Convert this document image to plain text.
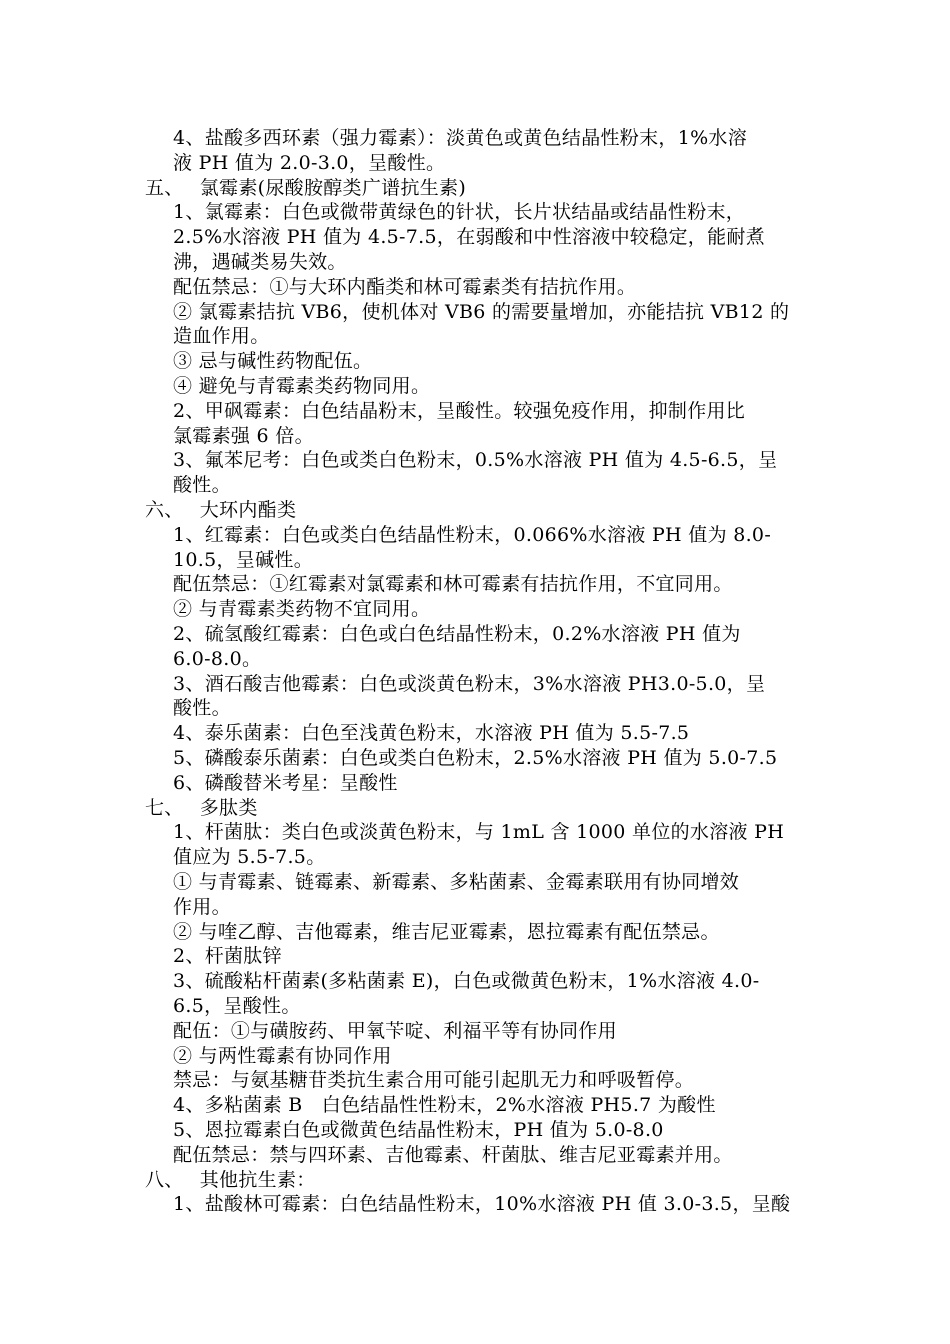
4、盐酸多西环素（强力霉素）：淡黄色或黄色结晶性粉末，1%水溶
液 PH 值为 2.0-3.0，呈酸性。
五、　 氯霉素(尿酸胺醇类广谱抗生素)
1、氯霉素：白色或微带黄绿色的针状，长片状结晶或结晶性粉末，
2.5%水溶液 PH 值为 4.5-7.5，在弱酸和中性溶液中较稳定，能耐煮
沸，遇碱类易失效。
配伍禁忌：①与大环内酯类和林可霉素类有拮抗作用。
② 氯霉素拮抗 VB6，使机体对 VB6 的需要量增加，亦能拮抗 VB12 的
造血作用。
③ 忌与碱性药物配伍。
④ 避免与青霉素类药物同用。
2、甲砜霉素：白色结晶粉末，呈酸性。较强免疫作用，抑制作用比
氯霉素强 6 倍。
3、氟苯尼考：白色或类白色粉末，0.5%水溶液 PH 值为 4.5-6.5，呈
酸性。
六、　 大环内酯类
1、红霉素：白色或类白色结晶性粉末，0.066%水溶液 PH 值为 8.0-
10.5，呈碱性。
配伍禁忌：①红霉素对氯霉素和林可霉素有拮抗作用，不宜同用。
② 与青霉素类药物不宜同用。
2、硫氢酸红霉素：白色或白色结晶性粉末，0.2%水溶液 PH 值为
6.0-8.0。
3、酒石酸吉他霉素：白色或淡黄色粉末，3%水溶液 PH3.0-5.0，呈
酸性。
4、泰乐菌素：白色至浅黄色粉末，水溶液 PH 值为 5.5-7.5
5、磷酸泰乐菌素：白色或类白色粉末，2.5%水溶液 PH 值为 5.0-7.5
6、磷酸替米考星：呈酸性
七、　 多肽类
1、杆菌肽：类白色或淡黄色粉末，与 1mL 含 1000 单位的水溶液 PH
值应为 5.5-7.5。
① 与青霉素、链霉素、新霉素、多粘菌素、金霉素联用有协同增效
作用。
② 与喹乙醇、吉他霉素，维吉尼亚霉素，恩拉霉素有配伍禁忌。
2、杆菌肽锌
3、硫酸粘杆菌素(多粘菌素 E)，白色或微黄色粉末，1%水溶液 4.0-
6.5，呈酸性。
配伍：①与磺胺药、甲氧苄啶、利福平等有协同作用
② 与两性霉素有协同作用
禁忌：与氨基糖苷类抗生素合用可能引起肌无力和呼吸暂停。
4、多粘菌素 B　白色结晶性性粉末，2%水溶液 PH5.7 为酸性
5、恩拉霉素白色或微黄色结晶性粉末，PH 值为 5.0-8.0
配伍禁忌：禁与四环素、吉他霉素、杆菌肽、维吉尼亚霉素并用。
八、　 其他抗生素：
1、盐酸林可霉素：白色结晶性粉末，10%水溶液 PH 值 3.0-3.5，呈酸
